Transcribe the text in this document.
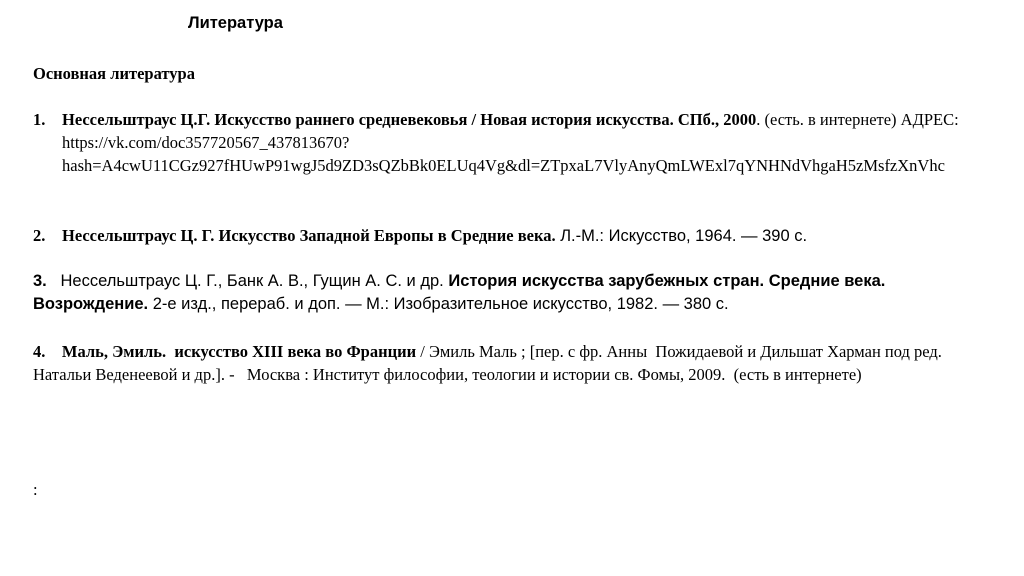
Литература
Основная литература
1. Нессельштраус Ц.Г. Искусство раннего средневековья / Новая история искусства. СПб., 2000. (есть. в интернете) АДРЕС: https://vk.com/doc357720567_437813670?hash=A4cwU11CGz927fHUwP91wgJ5d9ZD3sQZbBk0ELUq4Vg&dl=ZTpxaL7VlyAnyQmLWExl7qYNHNdVhgaH5zMsfzXnVhc
2. Нессельштраус Ц. Г. Искусство Западной Европы в Средние века. Л.-М.: Искусство, 1964. — 390 с.
3.   Нессельштраус Ц. Г., Банк А. В., Гущин А. С. и др. История искусства зарубежных стран. Средние века. Возрождение. 2-е изд., перераб. и доп. — М.: Изобразительное искусство, 1982. — 380 с.
4.    Маль, Эмиль.  искусство XIII века во Франции / Эмиль Маль ; [пер. с фр. Анны  Пожидаевой и Дильшат Харман под ред. Натальи Веденеевой и др.]. -   Москва : Институт философии, теологии и истории св. Фомы, 2009.  (есть в интернете)
:
